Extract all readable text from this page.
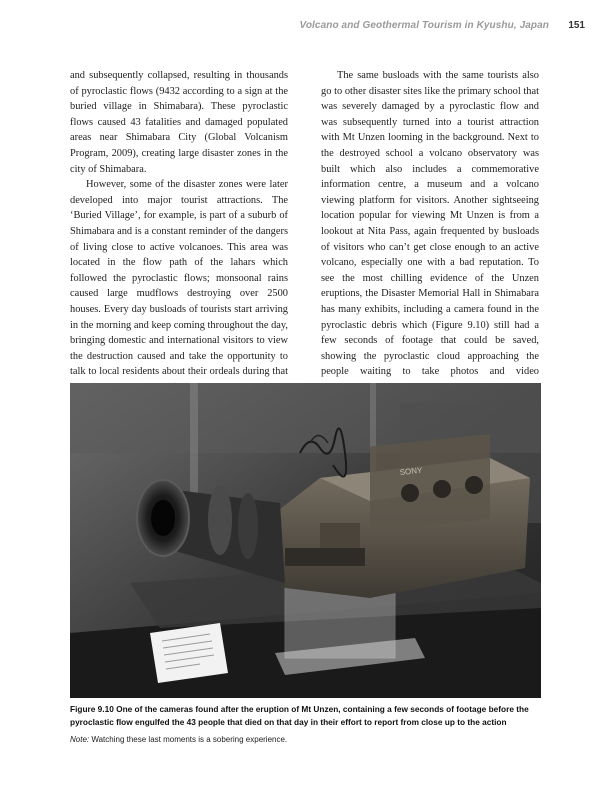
Volcano and Geothermal Tourism in Kyushu, Japan 151

and subsequently collapsed, resulting in thousands of pyroclastic flows (9432 according to a sign at the buried village in Shimabara). These pyroclastic flows caused 43 fatalities and damaged populated areas near Shimabara City (Global Volcanism Program, 2009), creating large disaster zones in the city of Shimabara.

However, some of the disaster zones were later developed into major tourist attractions. The ‘Buried Village’, for example, is part of a suburb of Shimabara and is a constant reminder of the dangers of living close to active volcanoes. This area was located in the flow path of the lahars which followed the pyroclastic flows; monsoonal rains caused large mudflows destroying over 2500 houses. Every day busloads of tourists start arriving in the morning and keep coming throughout the day, bringing domestic and international visitors to view the destruction caused and take the opportunity to talk to local residents about their ordeals during that

The same busloads with the same tourists also go to other disaster sites like the primary school that was severely damaged by a pyroclastic flow and was subsequently turned into a tourist attraction with Mt Unzen looming in the background. Next to the destroyed school a volcano observatory was built which also includes a commemorative information centre, a museum and a volcano viewing platform for visitors. Another sightseeing location popular for viewing Mt Unzen is from a lookout at Nita Pass, again frequented by busloads of visitors who can’t get close enough to an active volcano, especially one with a bad reputation. To see the most chilling evidence of the Unzen eruptions, the Disaster Memorial Hall in Shimabara has many exhibits, including a camera found in the pyroclastic debris which (Figure 9.10) still had a few seconds of footage that could be saved, showing the pyroclastic cloud approaching the people waiting to take photos and video

SONY
Figure 9.10 One of the cameras found after the eruption of Mt Unzen, containing a few seconds of footage before the pyroclastic flow engulfed the 43 people that died on that day in their effort to report from close up to the action
Note: Watching these last moments is a sobering experience.
